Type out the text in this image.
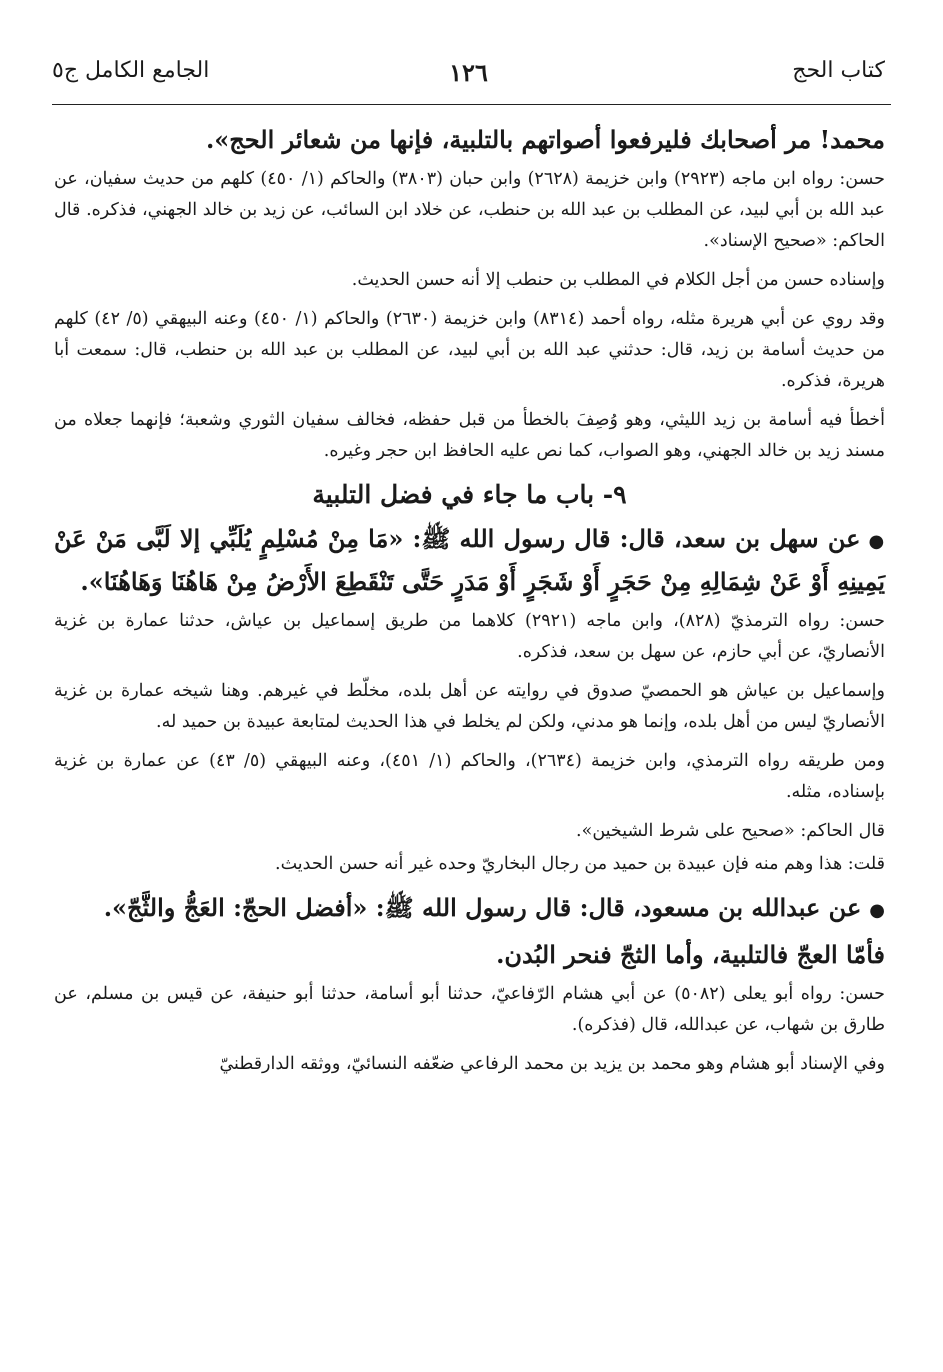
كتاب الحج
١٢٦
الجامع الكامل ج٥

محمد! مر أصحابك فليرفعوا أصواتهم بالتلبية، فإنها من شعائر الحج».

حسن: رواه ابن ماجه (٢٩٢٣) وابن خزيمة (٢٦٢٨) وابن حبان (٣٨٠٣) والحاكم (١/ ٤٥٠) كلهم من حديث سفيان، عن عبد الله بن أبي لبيد، عن المطلب بن عبد الله بن حنطب، عن خلاد ابن السائب، عن زيد بن خالد الجهني، فذكره. قال الحاكم: «صحيح الإسناد».

وإسناده حسن من أجل الكلام في المطلب بن حنطب إلا أنه حسن الحديث.

وقد روي عن أبي هريرة مثله، رواه أحمد (٨٣١٤) وابن خزيمة (٢٦٣٠) والحاكم (١/ ٤٥٠) وعنه البيهقي (٥/ ٤٢) كلهم من حديث أسامة بن زيد، قال: حدثني عبد الله بن أبي لبيد، عن المطلب بن عبد الله بن حنطب، قال: سمعت أبا هريرة، فذكره.

أخطأ فيه أسامة بن زيد الليثي، وهو وُصِفَ بالخطأ من قبل حفظه، فخالف سفيان الثوري وشعبة؛ فإنهما جعلاه من مسند زيد بن خالد الجهني، وهو الصواب، كما نص عليه الحافظ ابن حجر وغيره.

٩- باب ما جاء في فضل التلبية

●عن سهل بن سعد، قال: قال رسول الله ﷺ: «مَا مِنْ مُسْلِمٍ يُلَبِّي إلا لَبَّى مَنْ عَنْ يَمِينِهِ أَوْ عَنْ شِمَالِهِ مِنْ حَجَرٍ أَوْ شَجَرٍ أَوْ مَدَرٍ حَتَّى تَنْقَطِعَ الأَرْضُ مِنْ هَاهُنَا وَهَاهُنَا».

حسن: رواه الترمذيّ (٨٢٨)، وابن ماجه (٢٩٢١) كلاهما من طريق إسماعيل بن عياش، حدثنا عمارة بن غزية الأنصاريّ، عن أبي حازم، عن سهل بن سعد، فذكره.

وإسماعيل بن عياش هو الحمصيّ صدوق في روايته عن أهل بلده، مخلّط في غيرهم. وهنا شيخه عمارة بن غزية الأنصاريّ ليس من أهل بلده، وإنما هو مدني، ولكن لم يخلط في هذا الحديث لمتابعة عبيدة بن حميد له.

ومن طريقه رواه الترمذي، وابن خزيمة (٢٦٣٤)، والحاكم (١/ ٤٥١)، وعنه البيهقي (٥/ ٤٣) عن عمارة بن غزية بإسناده، مثله.

قال الحاكم: «صحيح على شرط الشيخين».

قلت: هذا وهم منه فإن عبيدة بن حميد من رجال البخاريّ وحده غير أنه حسن الحديث.

●عن عبدالله بن مسعود، قال: قال رسول الله ﷺ: «أفضل الحجّ: العَجُّ والثَّجّ».

فأمّا العجّ فالتلبية، وأما الثجّ فنحر البُدن.

حسن: رواه أبو يعلى (٥٠٨٢) عن أبي هشام الرّفاعيّ، حدثنا أبو أسامة، حدثنا أبو حنيفة، عن قيس بن مسلم، عن طارق بن شهاب، عن عبدالله، قال (فذكره).

وفي الإسناد أبو هشام وهو محمد بن يزيد بن محمد الرفاعي ضعّفه النسائيّ، ووثقه الدارقطنيّ
